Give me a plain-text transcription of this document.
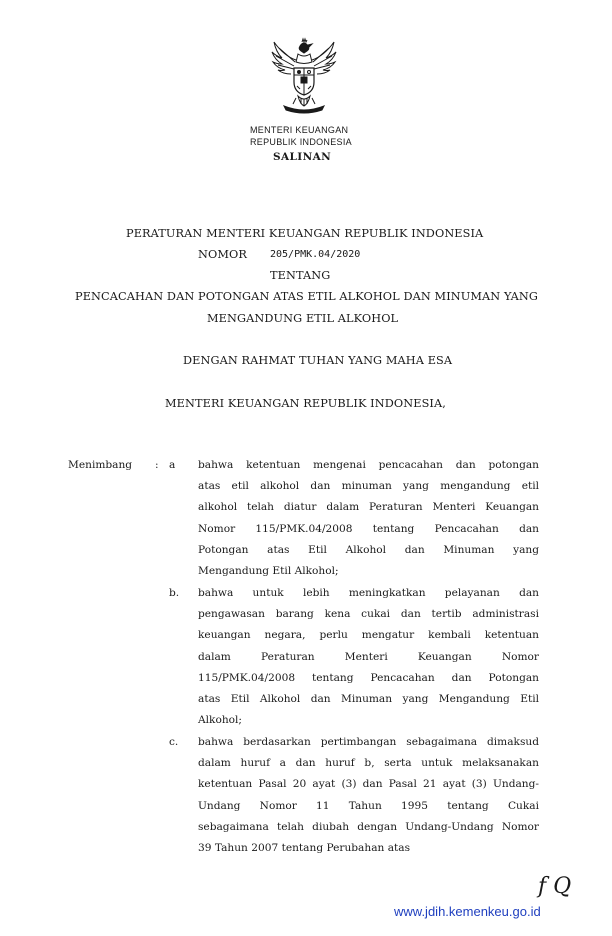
MENTERI KEUANGAN
REPUBLIK INDONESIA
SALINAN
PERATURAN MENTERI KEUANGAN REPUBLIK INDONESIA
NOMOR 205/PMK.04/2020
TENTANG
PENCACAHAN DAN POTONGAN ATAS ETIL ALKOHOL DAN MINUMAN YANG
MENGANDUNG ETIL ALKOHOL
DENGAN RAHMAT TUHAN YANG MAHA ESA
MENTERI KEUANGAN REPUBLIK INDONESIA,
Menimbang : a bahwa ketentuan mengenai pencacahan dan potongan
atas etil alkohol dan minuman yang mengandung etil
alkohol telah diatur dalam Peraturan Menteri Keuangan
Nomor 115/PMK.04/2008 tentang Pencacahan dan
Potongan atas Etil Alkohol dan Minuman yang
Mengandung Etil Alkohol;
b. bahwa untuk lebih meningkatkan pelayanan dan
pengawasan barang kena cukai dan tertib administrasi
keuangan negara, perlu mengatur kembali ketentuan
dalam Peraturan Menteri Keuangan Nomor
115/PMK.04/2008 tentang Pencacahan dan Potongan
atas Etil Alkohol dan Minuman yang Mengandung Etil
Alkohol;
c. bahwa berdasarkan pertimbangan sebagaimana dimaksud
dalam huruf a dan huruf b, serta untuk melaksanakan
ketentuan Pasal 20 ayat (3) dan Pasal 21 ayat (3) Undang-
Undang Nomor 11 Tahun 1995 tentang Cukai
sebagaimana telah diubah dengan Undang-Undang Nomor
39 Tahun 2007 tentang Perubahan atas
f Q
www.jdih.kemenkeu.go.id
